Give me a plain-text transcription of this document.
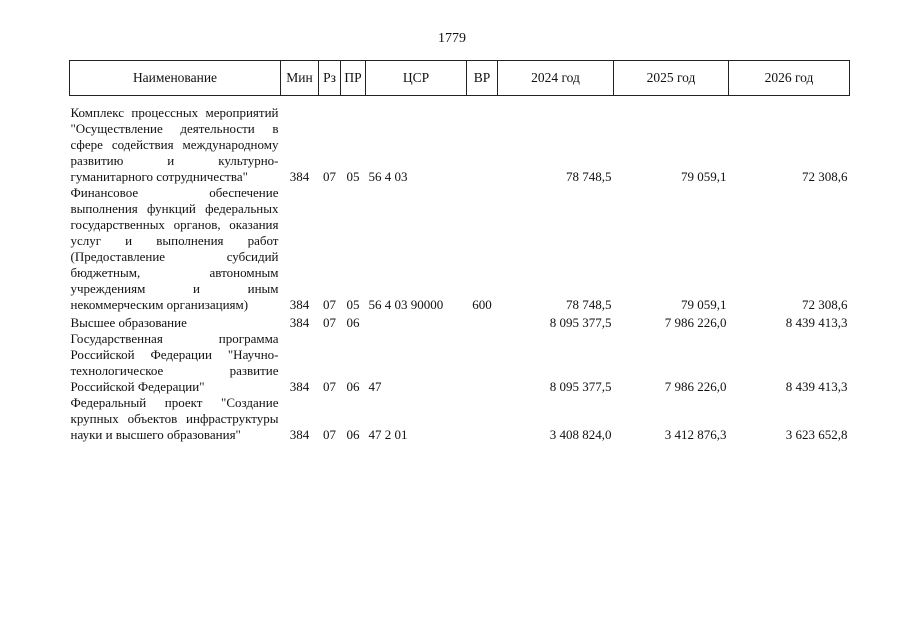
1779
Наименование	Мин	Рз	ПР	ЦСР	ВР	2024 год	2025 год	2026 год
Комплекс процессных мероприятий "Осуществление деятельности в сфере содействия международному развитию и культурно-гуманитарного сотрудничества"	384	07	05	56 4 03		78 748,5	79 059,1	72 308,6
Финансовое обеспечение выполнения функций федеральных государственных органов, оказания услуг и выполнения работ (Предоставление субсидий бюджетным, автономным учреждениям и иным некоммерческим организациям)	384	07	05	56 4 03 90000	600	78 748,5	79 059,1	72 308,6
Высшее образование	384	07	06			8 095 377,5	7 986 226,0	8 439 413,3
Государственная программа Российской Федерации "Научно-технологическое развитие Российской Федерации"	384	07	06	47		8 095 377,5	7 986 226,0	8 439 413,3
Федеральный проект "Создание крупных объектов инфраструктуры науки и высшего образования"	384	07	06	47 2 01		3 408 824,0	3 412 876,3	3 623 652,8
